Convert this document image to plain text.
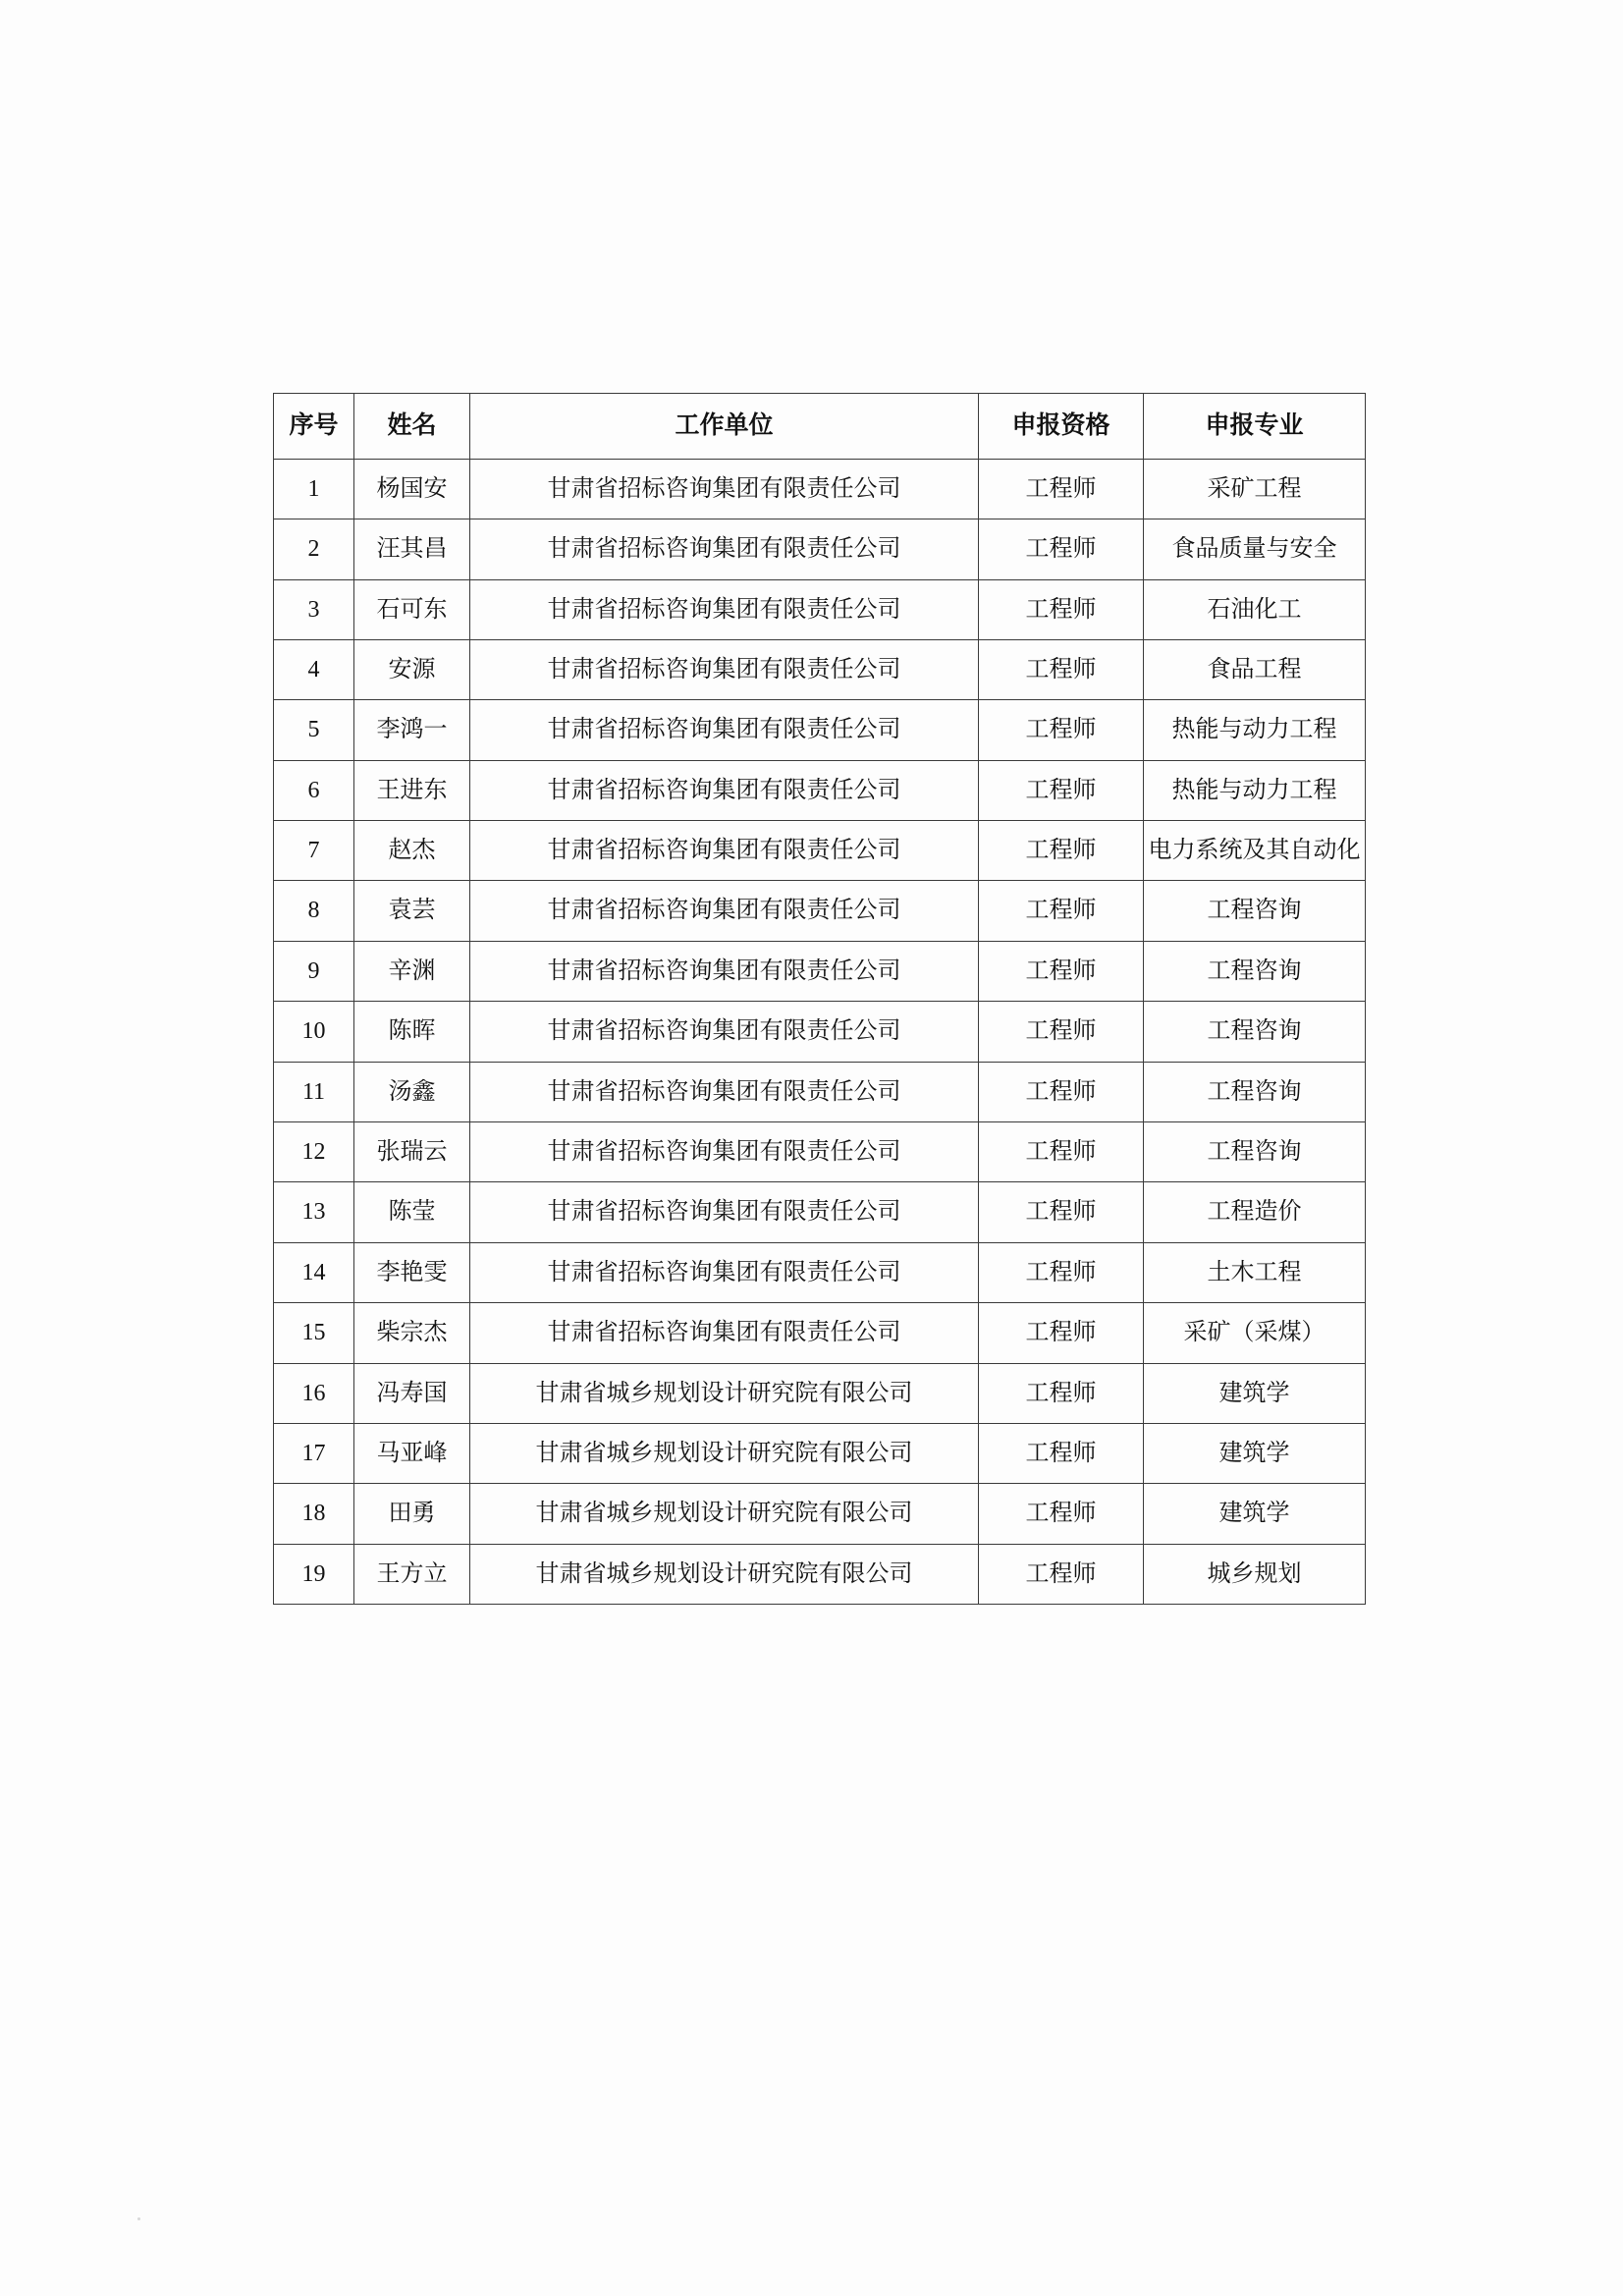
序号	姓名	工作单位	申报资格	申报专业
1	杨国安	甘肃省招标咨询集团有限责任公司	工程师	采矿工程
2	汪其昌	甘肃省招标咨询集团有限责任公司	工程师	食品质量与安全
3	石可东	甘肃省招标咨询集团有限责任公司	工程师	石油化工
4	安源	甘肃省招标咨询集团有限责任公司	工程师	食品工程
5	李鸿一	甘肃省招标咨询集团有限责任公司	工程师	热能与动力工程
6	王进东	甘肃省招标咨询集团有限责任公司	工程师	热能与动力工程
7	赵杰	甘肃省招标咨询集团有限责任公司	工程师	电力系统及其自动化
8	袁芸	甘肃省招标咨询集团有限责任公司	工程师	工程咨询
9	辛渊	甘肃省招标咨询集团有限责任公司	工程师	工程咨询
10	陈晖	甘肃省招标咨询集团有限责任公司	工程师	工程咨询
11	汤鑫	甘肃省招标咨询集团有限责任公司	工程师	工程咨询
12	张瑞云	甘肃省招标咨询集团有限责任公司	工程师	工程咨询
13	陈莹	甘肃省招标咨询集团有限责任公司	工程师	工程造价
14	李艳雯	甘肃省招标咨询集团有限责任公司	工程师	土木工程
15	柴宗杰	甘肃省招标咨询集团有限责任公司	工程师	采矿（采煤）
16	冯寿国	甘肃省城乡规划设计研究院有限公司	工程师	建筑学
17	马亚峰	甘肃省城乡规划设计研究院有限公司	工程师	建筑学
18	田勇	甘肃省城乡规划设计研究院有限公司	工程师	建筑学
19	王方立	甘肃省城乡规划设计研究院有限公司	工程师	城乡规划
